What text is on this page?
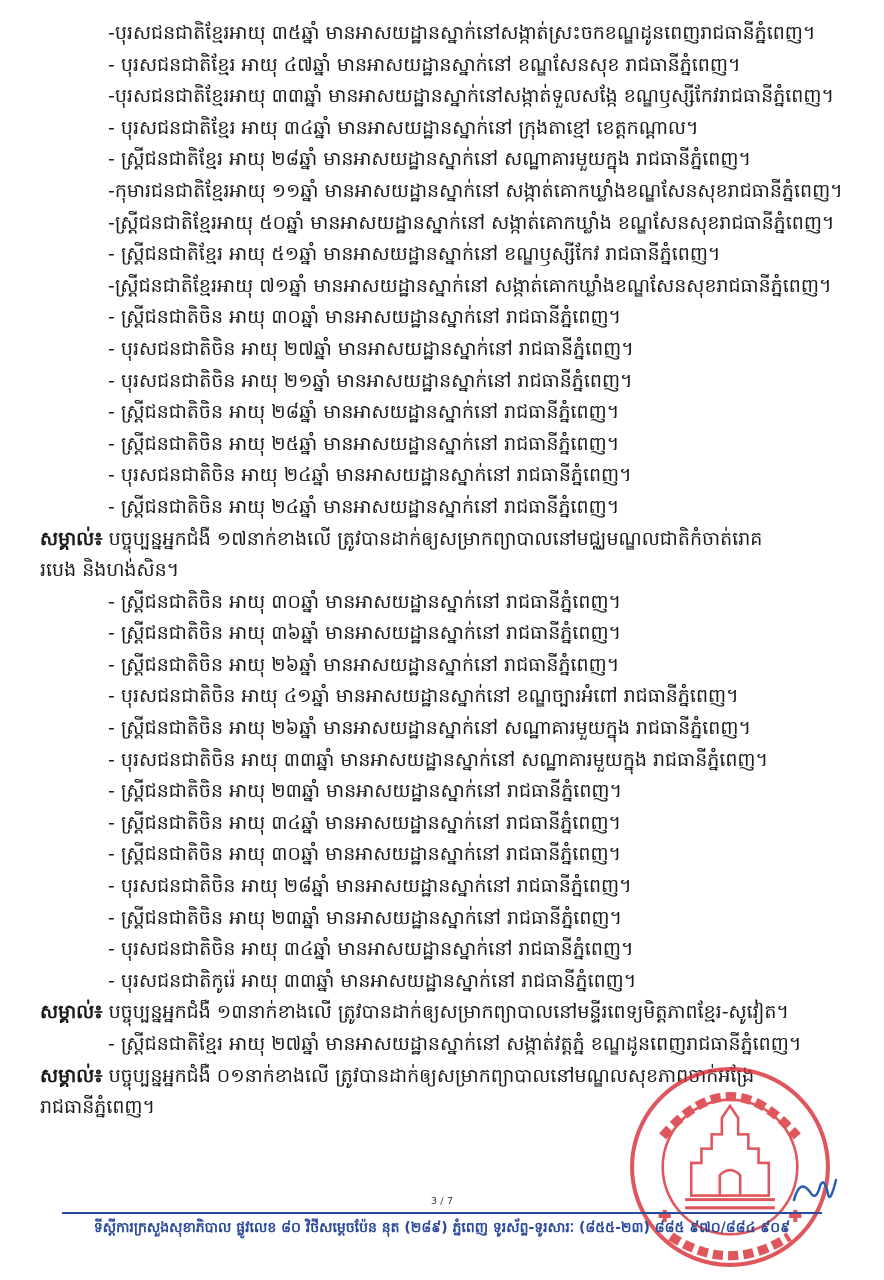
-បុរសជនជាតិខ្មែរអាយុ ៣៥ឆ្នាំ មានអាសយដ្ឋានស្នាក់នៅសង្កាត់ស្រះចកខណ្ឌដូនពេញរាជធានីភ្នំពេញ។
- បុរសជនជាតិខ្មែរ អាយុ ៤៧ឆ្នាំ មានអាសយដ្ឋានស្នាក់នៅ ខណ្ឌសែនសុខ រាជធានីភ្នំពេញ។
-បុរសជនជាតិខ្មែរអាយុ ៣៣ឆ្នាំ មានអាសយដ្ឋានស្នាក់នៅសង្កាត់ទួលសង្កែ ខណ្ឌឫស្សីកែវរាជធានីភ្នំពេញ។
- បុរសជនជាតិខ្មែរ អាយុ ៣៤ឆ្នាំ មានអាសយដ្ឋានស្នាក់នៅ ក្រុងតាខ្មៅ ខេត្តកណ្តាល។
- ស្ត្រីជនជាតិខ្មែរ អាយុ ២៨ឆ្នាំ មានអាសយដ្ឋានស្នាក់នៅ សណ្ឋាគារមួយក្នុង រាជធានីភ្នំពេញ។
-កុមារជនជាតិខ្មែរអាយុ ១១ឆ្នាំ មានអាសយដ្ឋានស្នាក់នៅ សង្កាត់គោកឃ្លាំងខណ្ឌសែនសុខរាជធានីភ្នំពេញ។
-ស្ត្រីជនជាតិខ្មែរអាយុ ៥០ឆ្នាំ មានអាសយដ្ឋានស្នាក់នៅ សង្កាត់គោកឃ្លាំង ខណ្ឌសែនសុខរាជធានីភ្នំពេញ។
- ស្ត្រីជនជាតិខ្មែរ អាយុ ៥១ឆ្នាំ មានអាសយដ្ឋានស្នាក់នៅ ខណ្ឌឫស្សីកែវ រាជធានីភ្នំពេញ។
-ស្ត្រីជនជាតិខ្មែរអាយុ ៧១ឆ្នាំ មានអាសយដ្ឋានស្នាក់នៅ សង្កាត់គោកឃ្លាំងខណ្ឌសែនសុខរាជធានីភ្នំពេញ។
- ស្ត្រីជនជាតិចិន អាយុ ៣០ឆ្នាំ មានអាសយដ្ឋានស្នាក់នៅ រាជធានីភ្នំពេញ។
- បុរសជនជាតិចិន អាយុ ២៧ឆ្នាំ មានអាសយដ្ឋានស្នាក់នៅ រាជធានីភ្នំពេញ។
- បុរសជនជាតិចិន អាយុ ២១ឆ្នាំ មានអាសយដ្ឋានស្នាក់នៅ រាជធានីភ្នំពេញ។
- ស្ត្រីជនជាតិចិន អាយុ ២៨ឆ្នាំ មានអាសយដ្ឋានស្នាក់នៅ រាជធានីភ្នំពេញ។
- ស្ត្រីជនជាតិចិន អាយុ ២៥ឆ្នាំ មានអាសយដ្ឋានស្នាក់នៅ រាជធានីភ្នំពេញ។
- បុរសជនជាតិចិន អាយុ ២៤ឆ្នាំ មានអាសយដ្ឋានស្នាក់នៅ រាជធានីភ្នំពេញ។
- ស្ត្រីជនជាតិចិន អាយុ ២៤ឆ្នាំ មានអាសយដ្ឋានស្នាក់នៅ រាជធានីភ្នំពេញ។
សម្គាល់៖ បច្ចុប្បន្នអ្នកជំងឺ ១៧នាក់ខាងលើ ត្រូវបានដាក់ឲ្យសម្រាកព្យាបាលនៅមជ្ឈមណ្ឌលជាតិកំចាត់រោគ
របេង និងហង់សិន។
- ស្ត្រីជនជាតិចិន អាយុ ៣០ឆ្នាំ មានអាសយដ្ឋានស្នាក់នៅ រាជធានីភ្នំពេញ។
- ស្ត្រីជនជាតិចិន អាយុ ៣៦ឆ្នាំ មានអាសយដ្ឋានស្នាក់នៅ រាជធានីភ្នំពេញ។
- ស្ត្រីជនជាតិចិន អាយុ ២៦ឆ្នាំ មានអាសយដ្ឋានស្នាក់នៅ រាជធានីភ្នំពេញ។
- បុរសជនជាតិចិន អាយុ ៤១ឆ្នាំ មានអាសយដ្ឋានស្នាក់នៅ ខណ្ឌច្បារអំពៅ រាជធានីភ្នំពេញ។
- ស្ត្រីជនជាតិចិន អាយុ ២៦ឆ្នាំ មានអាសយដ្ឋានស្នាក់នៅ សណ្ឋាគារមួយក្នុង រាជធានីភ្នំពេញ។
- បុរសជនជាតិចិន អាយុ ៣៣ឆ្នាំ មានអាសយដ្ឋានស្នាក់នៅ សណ្ឋាគារមួយក្នុង រាជធានីភ្នំពេញ។
- ស្ត្រីជនជាតិចិន អាយុ ២៣ឆ្នាំ មានអាសយដ្ឋានស្នាក់នៅ រាជធានីភ្នំពេញ។
- ស្ត្រីជនជាតិចិន អាយុ ៣៤ឆ្នាំ មានអាសយដ្ឋានស្នាក់នៅ រាជធានីភ្នំពេញ។
- ស្ត្រីជនជាតិចិន អាយុ ៣០ឆ្នាំ មានអាសយដ្ឋានស្នាក់នៅ រាជធានីភ្នំពេញ។
- បុរសជនជាតិចិន អាយុ ២៨ឆ្នាំ មានអាសយដ្ឋានស្នាក់នៅ រាជធានីភ្នំពេញ។
- ស្ត្រីជនជាតិចិន អាយុ ២៣ឆ្នាំ មានអាសយដ្ឋានស្នាក់នៅ រាជធានីភ្នំពេញ។
- បុរសជនជាតិចិន អាយុ ៣៤ឆ្នាំ មានអាសយដ្ឋានស្នាក់នៅ រាជធានីភ្នំពេញ។
- បុរសជនជាតិកូរ៉េ អាយុ ៣៣ឆ្នាំ មានអាសយដ្ឋានស្នាក់នៅ រាជធានីភ្នំពេញ។
សម្គាល់៖ បច្ចុប្បន្នអ្នកជំងឺ ១៣នាក់ខាងលើ ត្រូវបានដាក់ឲ្យសម្រាកព្យាបាលនៅមន្ទីរពេទ្យមិត្តភាពខ្មែរ-សូវៀត។
- ស្ត្រីជនជាតិខ្មែរ អាយុ ២៧ឆ្នាំ មានអាសយដ្ឋានស្នាក់នៅ សង្កាត់វត្តភ្នំ ខណ្ឌដូនពេញរាជធានីភ្នំពេញ។
សម្គាល់៖ បច្ចុប្បន្នអ្នកជំងឺ ០១នាក់ខាងលើ ត្រូវបានដាក់ឲ្យសម្រាកព្យាបាលនៅមណ្ឌលសុខភាពចាក់អង្រែ
រាជធានីភ្នំពេញ។
3 / 7
ទីស្តីការក្រសួងសុខាភិបាល ផ្លូវលេខ ៨០ វិថីសម្តេចប៉ែន នុត (២៨៩) ភ្នំពេញ ទូរស័ព្ទ-ទូរសារៈ (៨៥៥-២៣) ៨៨៥ ៩៧០/៨៨៤ ៩០៩
